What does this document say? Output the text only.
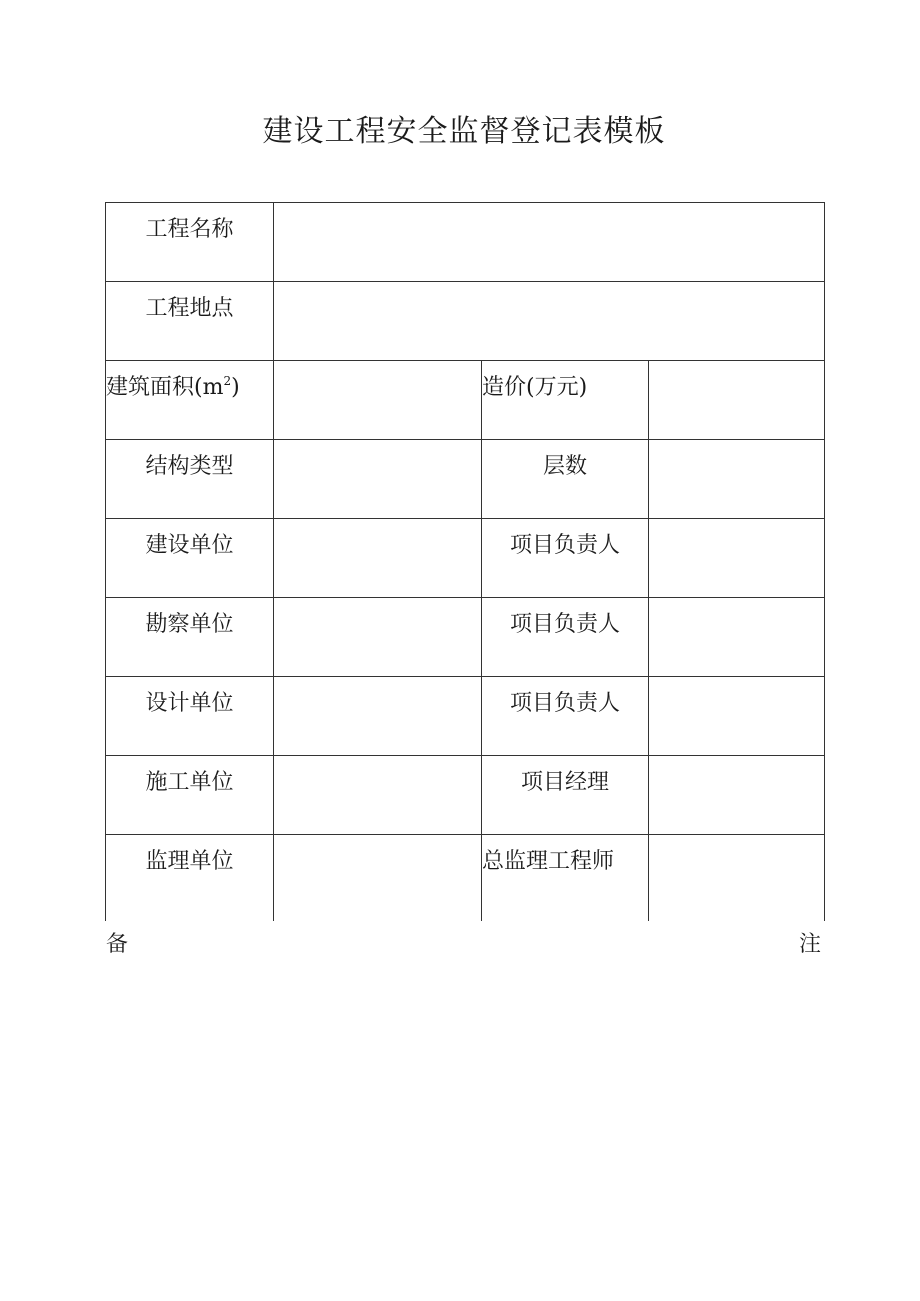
建设工程安全监督登记表模板
工程名称			
工程地点			
建筑面积$(m^2)$		造价(万元)	
结构类型		层数	
建设单位		项目负责人	
勘察单位		项目负责人	
设计单位		项目负责人	
施工单位		项目经理	
监理单位		总监理工程师	
备	注
